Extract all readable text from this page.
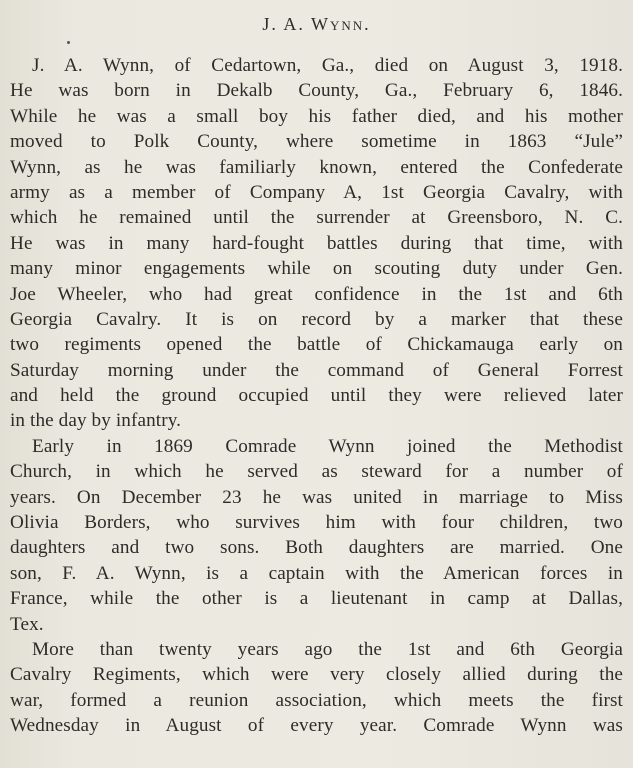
J. A. Wynn.
J. A. Wynn, of Cedartown, Ga., died on August 3, 1918.
He was born in Dekalb County, Ga., February 6, 1846.
While he was a small boy his father died, and his mother
moved to Polk County, where sometime in 1863 “Jule”
Wynn, as he was familiarly known, entered the Confederate
army as a member of Company A, 1st Georgia Cavalry, with
which he remained until the surrender at Greensboro, N. C.
He was in many hard-fought battles during that time, with
many minor engagements while on scouting duty under Gen.
Joe Wheeler, who had great confidence in the 1st and 6th
Georgia Cavalry. It is on record by a marker that these
two regiments opened the battle of Chickamauga early on
Saturday morning under the command of General Forrest
and held the ground occupied until they were relieved later
in the day by infantry.
Early in 1869 Comrade Wynn joined the Methodist
Church, in which he served as steward for a number of
years. On December 23 he was united in marriage to Miss
Olivia Borders, who survives him with four children, two
daughters and two sons. Both daughters are married. One
son, F. A. Wynn, is a captain with the American forces in
France, while the other is a lieutenant in camp at Dallas,
Tex.
More than twenty years ago the 1st and 6th Georgia
Cavalry Regiments, which were very closely allied during the
war, formed a reunion association, which meets the first
Wednesday in August of every year. Comrade Wynn was
